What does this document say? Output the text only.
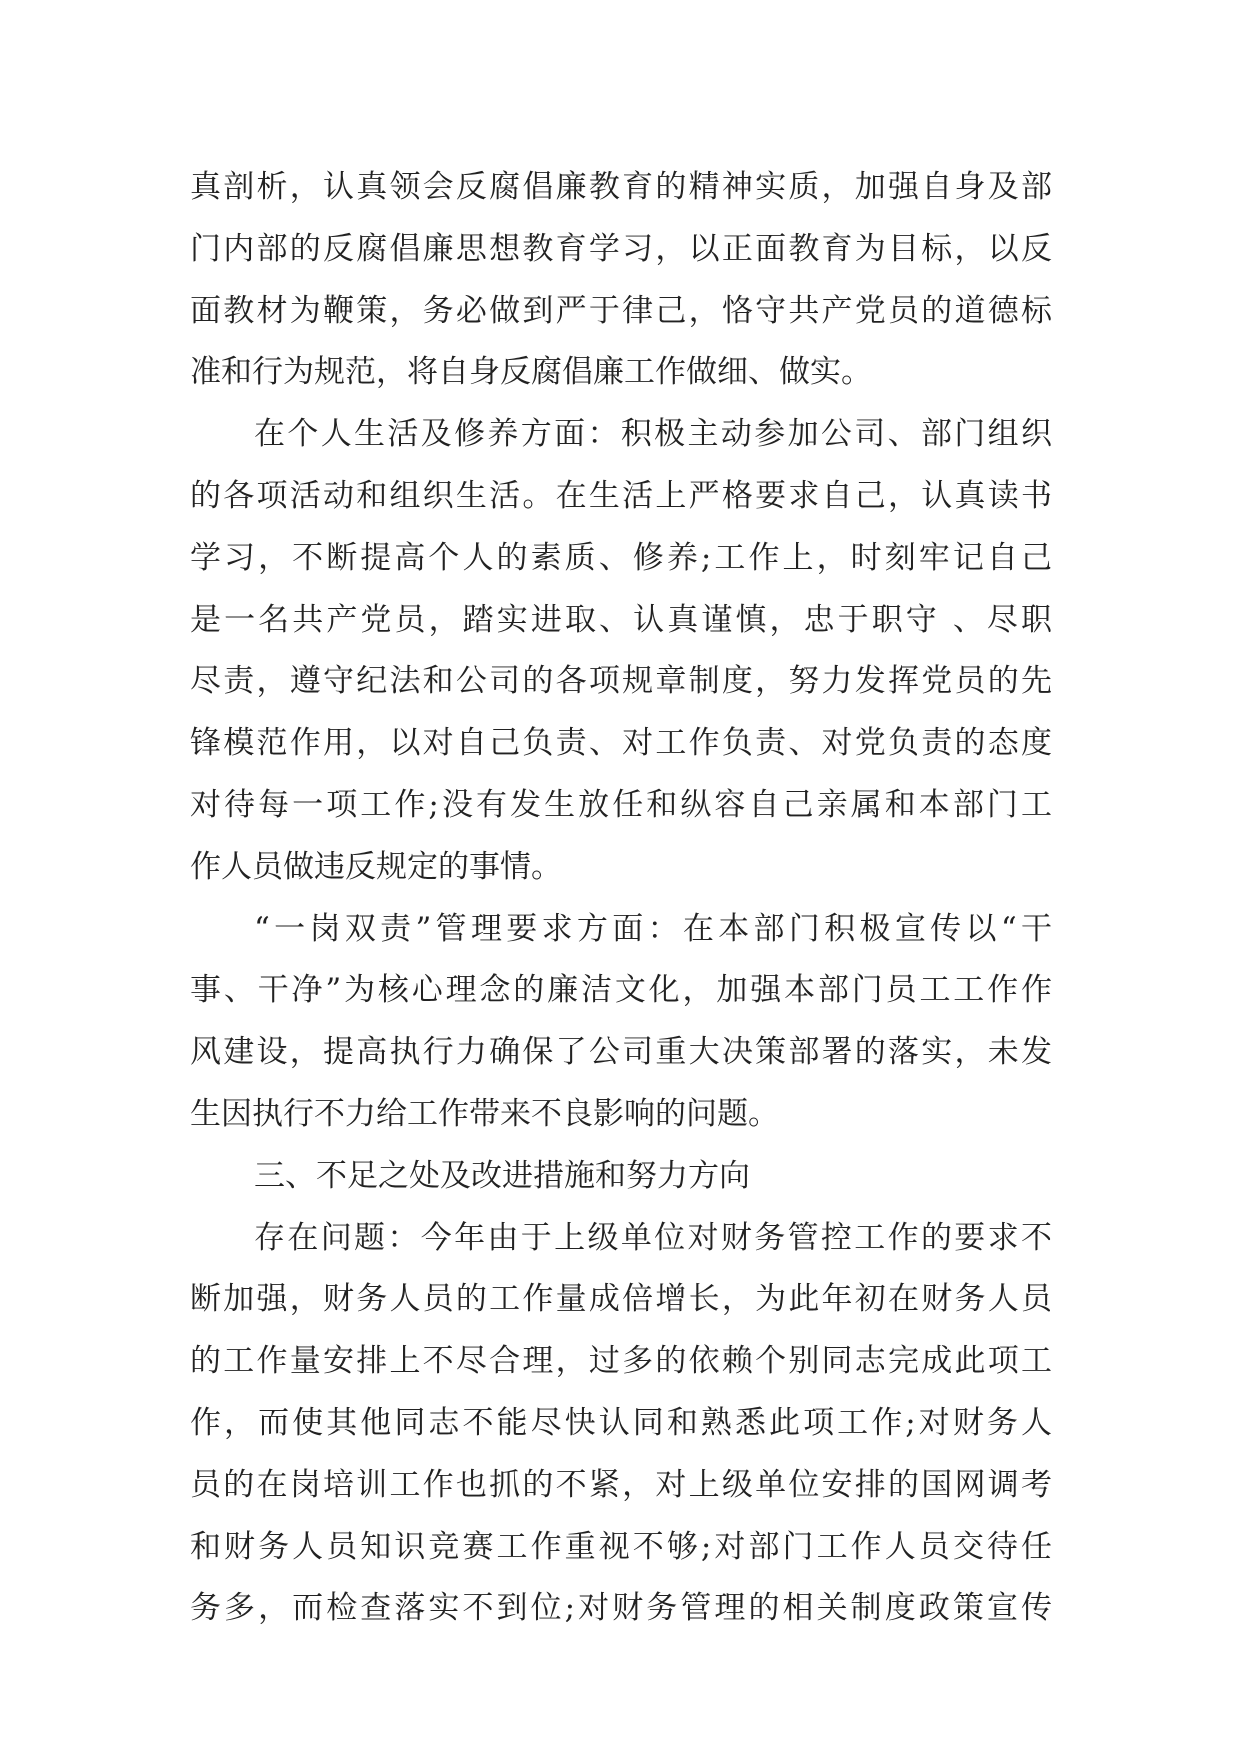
真剖析，认真领会反腐倡廉教育的精神实质，加强自身及部
门内部的反腐倡廉思想教育学习，以正面教育为目标，以反
面教材为鞭策，务必做到严于律己，恪守共产党员的道德标
准和行为规范，将自身反腐倡廉工作做细、做实。
在个人生活及修养方面：积极主动参加公司、部门组织
的各项活动和组织生活。在生活上严格要求自己，认真读书
学习，不断提高个人的素质、修养;工作上，时刻牢记自己
是一名共产党员，踏实进取、认真谨慎，忠于职守 、尽职
尽责，遵守纪法和公司的各项规章制度，努力发挥党员的先
锋模范作用，以对自己负责、对工作负责、对党负责的态度
对待每一项工作;没有发生放任和纵容自己亲属和本部门工
作人员做违反规定的事情。
“一岗双责”管理要求方面：在本部门积极宣传以“干
事、干净”为核心理念的廉洁文化，加强本部门员工工作作
风建设，提高执行力确保了公司重大决策部署的落实，未发
生因执行不力给工作带来不良影响的问题。
三、不足之处及改进措施和努力方向
存在问题：今年由于上级单位对财务管控工作的要求不
断加强，财务人员的工作量成倍增长，为此年初在财务人员
的工作量安排上不尽合理，过多的依赖个别同志完成此项工
作，而使其他同志不能尽快认同和熟悉此项工作;对财务人
员的在岗培训工作也抓的不紧，对上级单位安排的国网调考
和财务人员知识竞赛工作重视不够;对部门工作人员交待任
务多，而检查落实不到位;对财务管理的相关制度政策宣传
